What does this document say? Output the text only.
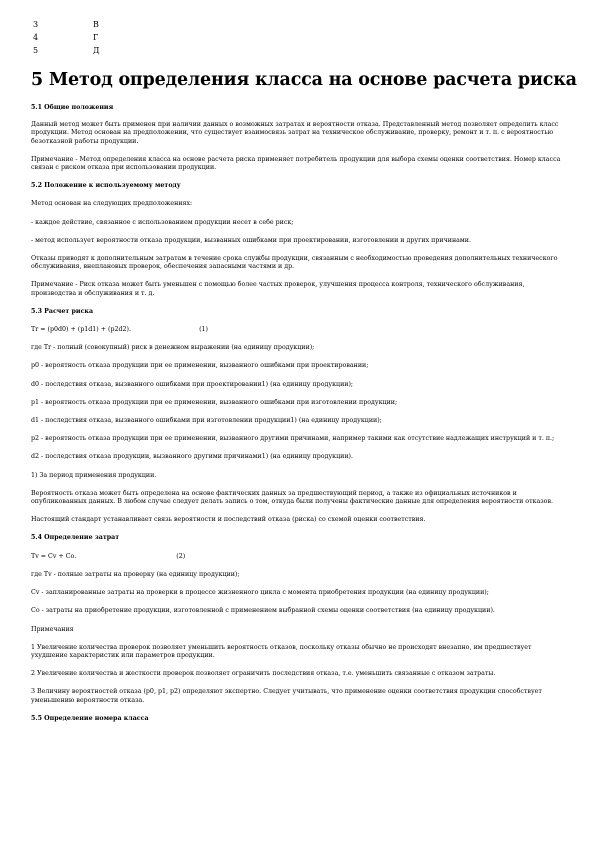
3	В
4	Г
5	Д
5 Метод определения класса на основе расчета риска

5.1 Общие положения

Данный метод может быть применен при наличии данных о возможных затратах и вероятности отказа. Представленный метод позволяет определить класс продукции. Метод основан на предположении, что существует взаимосвязь затрат на техническое обслуживание, проверку, ремонт и т. п. с вероятностью безотказной работы продукции.

Примечание - Метод определения класса на основе расчета риска применяет потребитель продукции для выбора схемы оценки соответствия. Номер класса связан с риском отказа при использовании продукции.

5.2 Положение к используемому методу

Метод основан на следующих предположениях:

- каждое действие, связанное с использованием продукции несет в себе риск;

- метод использует вероятности отказа продукции, вызванных ошибками при проектировании, изготовлении и других причинами.

Отказы приводят к дополнительным затратам в течение срока службы продукции, связанным с необходимостью проведения дополнительных технического обслуживания, внеплановых проверок, обеспечения запасными частями и др.

Примечание - Риск отказа может быть уменьшен с помощью более частых проверок, улучшения процесса контроля, технического обслуживания, производства и обслуживания и т. д.

5.3 Расчет риска

Tr = (p0d0) + (p1d1) + (p2d2).                                  (1)

где Tr - полный (совокупный) риск в денежном выражении (на единицу продукции);

p0 - вероятность отказа продукции при ее применении, вызванного ошибками при проектировании;

d0 - последствия отказа, вызванного ошибками при проектировании1) (на единицу продукции);

p1 - вероятность отказа продукции при ее применении, вызванного ошибками при изготовлении продукции;

d1 - последствия отказа, вызванного ошибками при изготовлении продукции1) (на единицу продукции);

p2 - вероятность отказа продукции при ее применении, вызванного другими причинами, например такими как отсутствие надлежащих инструкций и т. п.;

d2 - последствия отказа продукции, вызванного другими причинами1) (на единицу продукции).

1) За период применения продукции.

Вероятность отказа может быть определена на основе фактических данных за предшествующий период, а также из официальных источников и опубликованных данных. В любом случае следует делать запись о том, откуда были получены фактические данные для определения вероятности отказов.

Настоящий стандарт устанавливает связь вероятности и последствий отказа (риска) со схемой оценки соответствия.

5.4 Определение затрат

Tv = Cv + Co.                                                  (2)

где Tv - полные затраты на проверку (на единицу продукции);

Cv - запланированные затраты на проверки в процессе жизненного цикла с момента приобретения продукции (на единицу продукции);

Co - затраты на приобретение продукции, изготовленной с применением выбранной схемы оценки соответствия (на единицу продукции).

Примечания

1 Увеличение количества проверок позволяет уменьшить вероятность отказов, поскольку отказы обычно не происходят внезапно, им предшествует ухудшение характеристик или параметров продукции.

2 Увеличение количества и жесткости проверок позволяет ограничить последствия отказа, т.е. уменьшить связанные с отказом затраты.

3 Величину вероятностей отказа (p0, p1, p2) определяют экспертно. Следует учитывать, что применение оценки соответствия продукции способствует уменьшению вероятности отказа.

5.5 Определение номера класса
